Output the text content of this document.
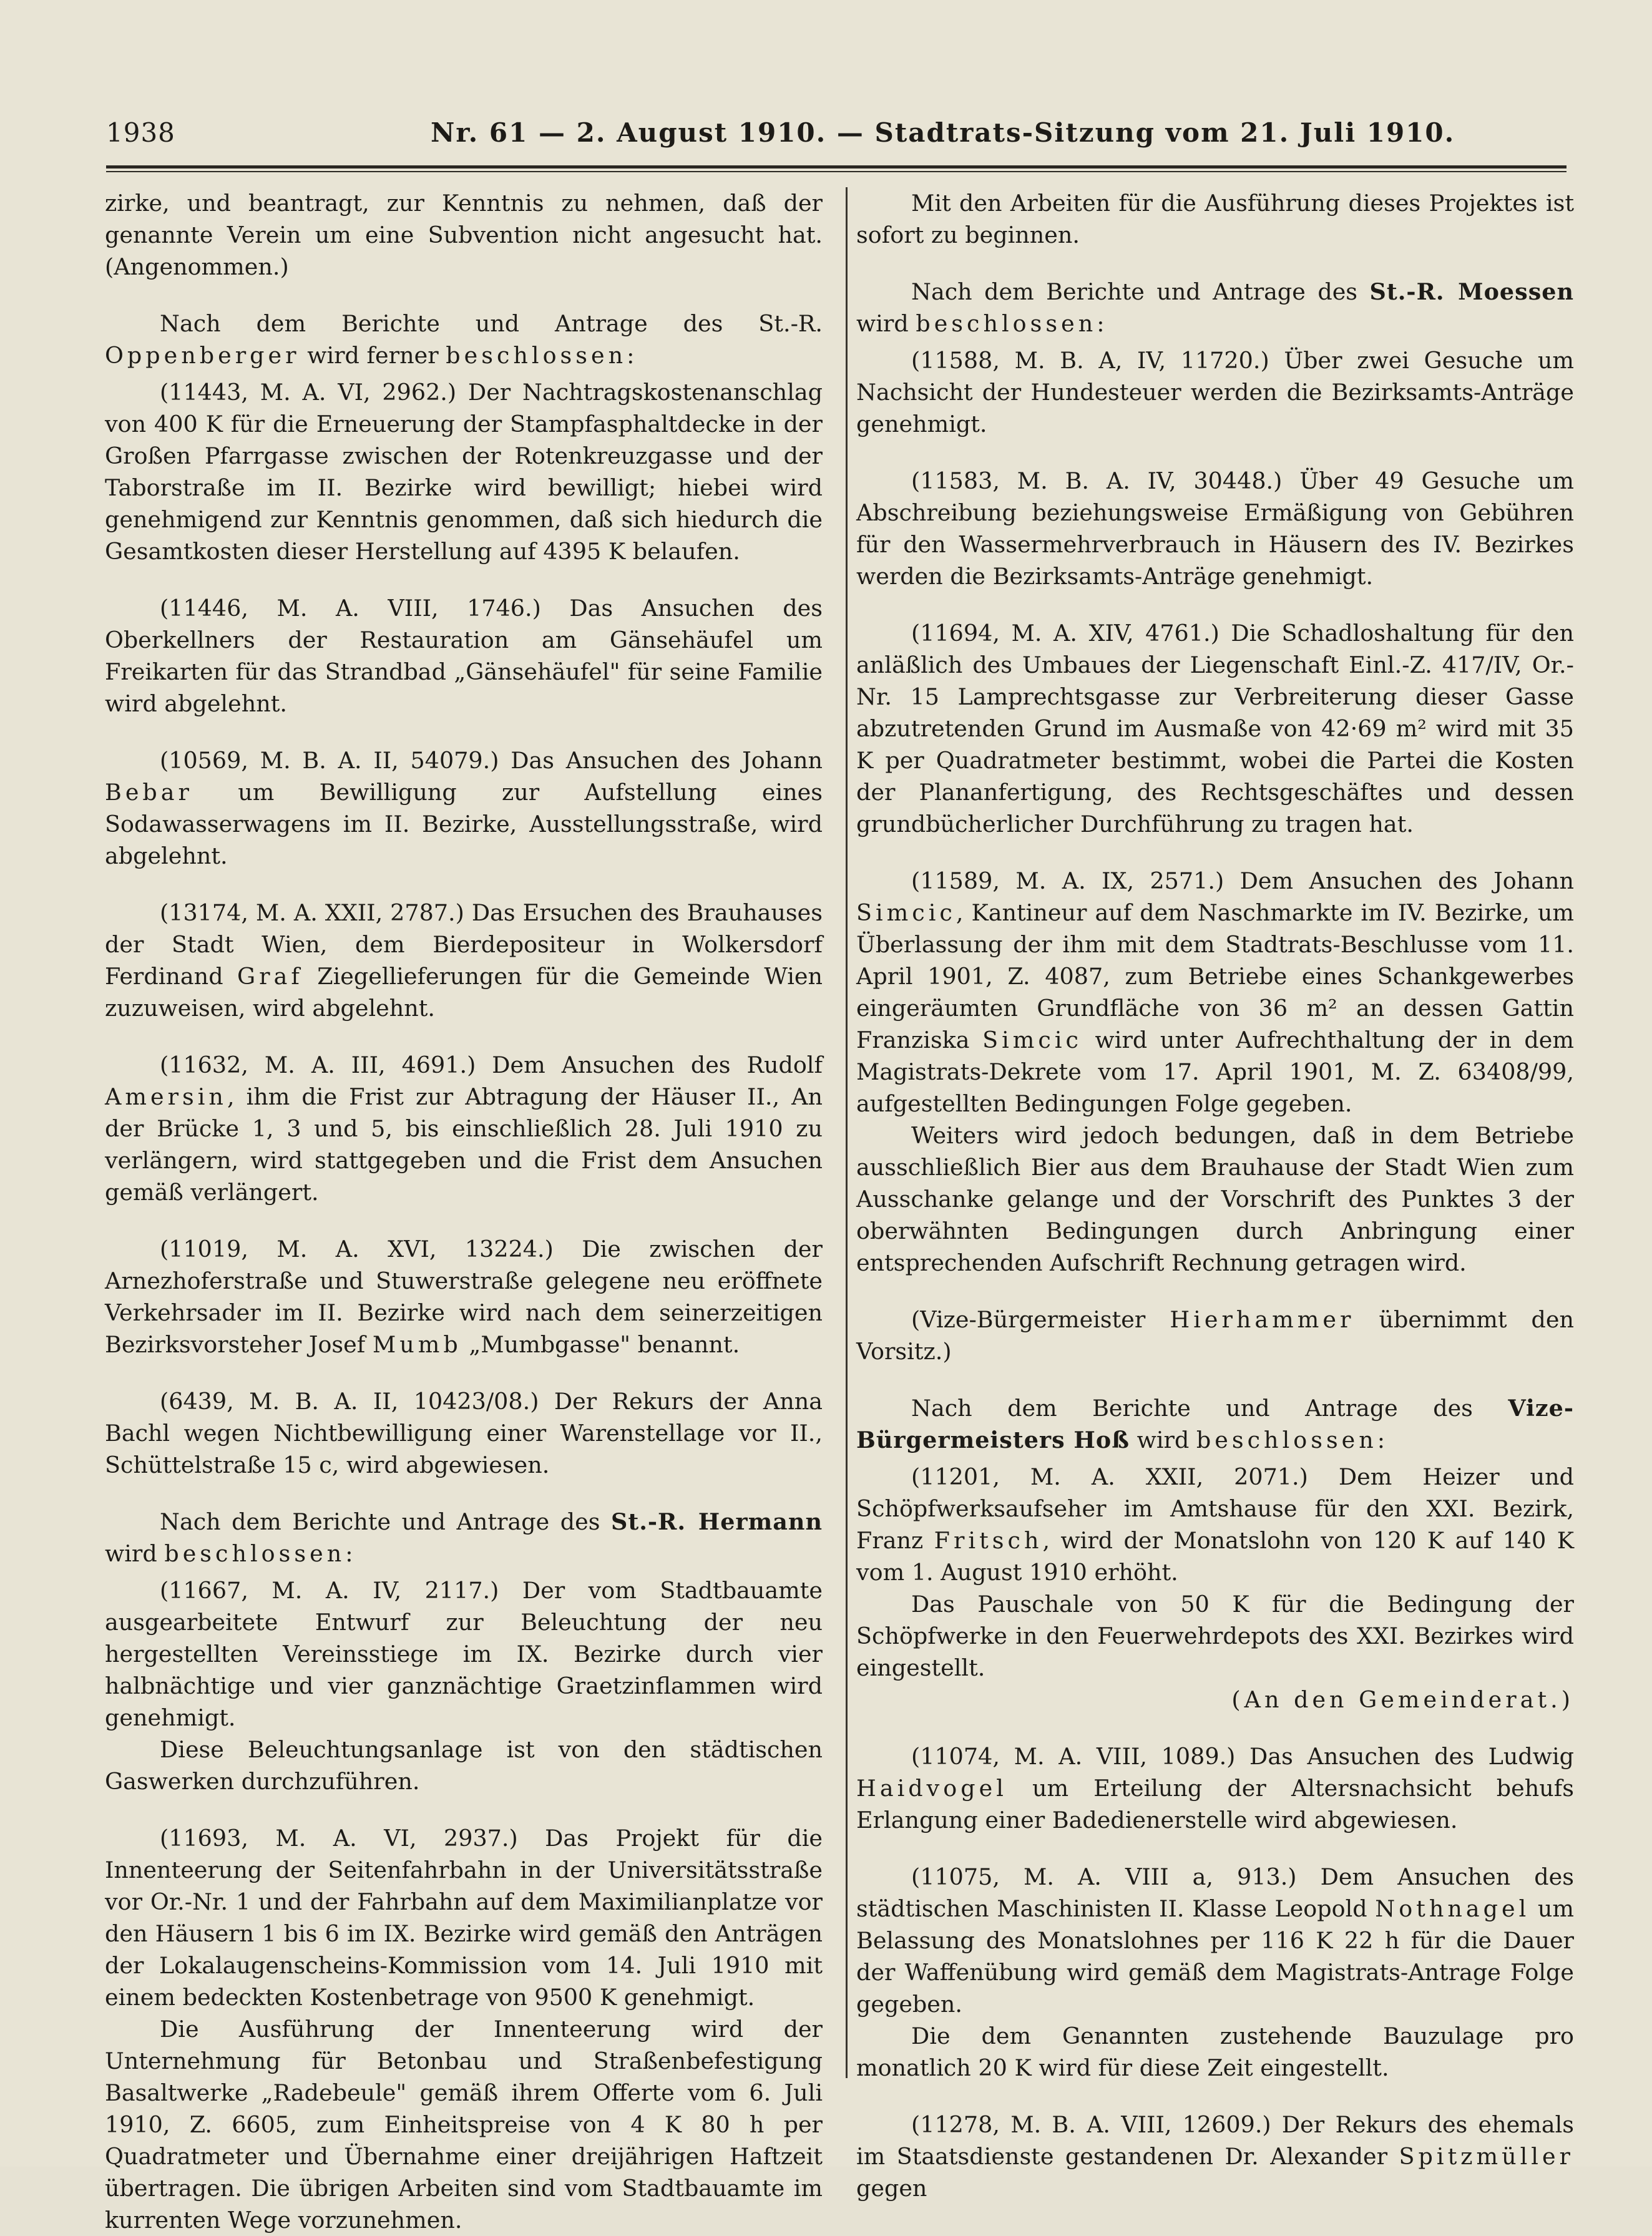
1938	Nr. 61 — 2. August 1910. — Stadtrats-Sitzung vom 21. Juli 1910.

zirke, und beantragt, zur Kenntnis zu nehmen, daß der genannte Verein um eine Subvention nicht angesucht hat. (Angenommen.)

Nach dem Berichte und Antrage des St.-R. Oppenberger wird ferner beschlossen:

(11443, M. A. VI, 2962.) Der Nachtragskostenanschlag von 400 K für die Erneuerung der Stampfasphaltdecke in der Großen Pfarrgasse zwischen der Rotenkreuzgasse und der Taborstraße im II. Bezirke wird bewilligt; hiebei wird genehmigend zur Kenntnis genommen, daß sich hiedurch die Gesamtkosten dieser Herstellung auf 4395 K belaufen.

(11446, M. A. VIII, 1746.) Das Ansuchen des Oberkellners der Restauration am Gänsehäufel um Freikarten für das Strandbad „Gänsehäufel" für seine Familie wird abgelehnt.

(10569, M. B. A. II, 54079.) Das Ansuchen des Johann Bebar um Bewilligung zur Aufstellung eines Sodawasserwagens im II. Bezirke, Ausstellungsstraße, wird abgelehnt.

(13174, M. A. XXII, 2787.) Das Ersuchen des Brauhauses der Stadt Wien, dem Bierdepositeur in Wolkersdorf Ferdinand Graf Ziegellieferungen für die Gemeinde Wien zuzuweisen, wird abgelehnt.

(11632, M. A. III, 4691.) Dem Ansuchen des Rudolf Amersin, ihm die Frist zur Abtragung der Häuser II., An der Brücke 1, 3 und 5, bis einschließlich 28. Juli 1910 zu verlängern, wird stattgegeben und die Frist dem Ansuchen gemäß verlängert.

(11019, M. A. XVI, 13224.) Die zwischen der Arnezhoferstraße und Stuwerstraße gelegene neu eröffnete Verkehrsader im II. Bezirke wird nach dem seinerzeitigen Bezirksvorsteher Josef Mumb „Mumbgasse" benannt.

(6439, M. B. A. II, 10423/08.) Der Rekurs der Anna Bachl wegen Nichtbewilligung einer Warenstellage vor II., Schüttelstraße 15 c, wird abgewiesen.

Nach dem Berichte und Antrage des St.-R. Hermann wird beschlossen:

(11667, M. A. IV, 2117.) Der vom Stadtbauamte ausgearbeitete Entwurf zur Beleuchtung der neu hergestellten Vereinsstiege im IX. Bezirke durch vier halbnächtige und vier ganznächtige Graetzinflammen wird genehmigt.

Diese Beleuchtungsanlage ist von den städtischen Gaswerken durchzuführen.

(11693, M. A. VI, 2937.) Das Projekt für die Innenteerung der Seitenfahrbahn in der Universitätsstraße vor Or.-Nr. 1 und der Fahrbahn auf dem Maximilianplatze vor den Häusern 1 bis 6 im IX. Bezirke wird gemäß den Anträgen der Lokalaugenscheins-Kommission vom 14. Juli 1910 mit einem bedeckten Kostenbetrage von 9500 K genehmigt.

Die Ausführung der Innenteerung wird der Unternehmung für Betonbau und Straßenbefestigung Basaltwerke „Radebeule" gemäß ihrem Offerte vom 6. Juli 1910, Z. 6605, zum Einheitspreise von 4 K 80 h per Quadratmeter und Übernahme einer dreijährigen Haftzeit übertragen. Die übrigen Arbeiten sind vom Stadtbauamte im kurrenten Wege vorzunehmen.

Mit den Arbeiten für die Ausführung dieses Projektes ist sofort zu beginnen.

Nach dem Berichte und Antrage des St.-R. Moessen wird beschlossen:

(11588, M. B. A, IV, 11720.) Über zwei Gesuche um Nachsicht der Hundesteuer werden die Bezirksamts-Anträge genehmigt.

(11583, M. B. A. IV, 30448.) Über 49 Gesuche um Abschreibung beziehungsweise Ermäßigung von Gebühren für den Wassermehrverbrauch in Häusern des IV. Bezirkes werden die Bezirksamts-Anträge genehmigt.

(11694, M. A. XIV, 4761.) Die Schadloshaltung für den anläßlich des Umbaues der Liegenschaft Einl.-Z. 417/IV, Or.-Nr. 15 Lamprechtsgasse zur Verbreiterung dieser Gasse abzutretenden Grund im Ausmaße von 42·69 m² wird mit 35 K per Quadratmeter bestimmt, wobei die Partei die Kosten der Plananfertigung, des Rechtsgeschäftes und dessen grundbücherlicher Durchführung zu tragen hat.

(11589, M. A. IX, 2571.) Dem Ansuchen des Johann Simcic, Kantineur auf dem Naschmarkte im IV. Bezirke, um Überlassung der ihm mit dem Stadtrats-Beschlusse vom 11. April 1901, Z. 4087, zum Betriebe eines Schankgewerbes eingeräumten Grundfläche von 36 m² an dessen Gattin Franziska Simcic wird unter Aufrechthaltung der in dem Magistrats-Dekrete vom 17. April 1901, M. Z. 63408/99, aufgestellten Bedingungen Folge gegeben.

Weiters wird jedoch bedungen, daß in dem Betriebe ausschließlich Bier aus dem Brauhause der Stadt Wien zum Ausschanke gelange und der Vorschrift des Punktes 3 der oberwähnten Bedingungen durch Anbringung einer entsprechenden Aufschrift Rechnung getragen wird.

(Vize-Bürgermeister Hierhammer übernimmt den Vorsitz.)

Nach dem Berichte und Antrage des Vize-Bürgermeisters Hoß wird beschlossen:

(11201, M. A. XXII, 2071.) Dem Heizer und Schöpfwerksaufseher im Amtshause für den XXI. Bezirk, Franz Fritsch, wird der Monatslohn von 120 K auf 140 K vom 1. August 1910 erhöht.

Das Pauschale von 50 K für die Bedingung der Schöpfwerke in den Feuerwehrdepots des XXI. Bezirkes wird eingestellt.

(An den Gemeinderat.)

(11074, M. A. VIII, 1089.) Das Ansuchen des Ludwig Haidvogel um Erteilung der Altersnachsicht behufs Erlangung einer Badedienerstelle wird abgewiesen.

(11075, M. A. VIII a, 913.) Dem Ansuchen des städtischen Maschinisten II. Klasse Leopold Nothnagel um Belassung des Monatslohnes per 116 K 22 h für die Dauer der Waffenübung wird gemäß dem Magistrats-Antrage Folge gegeben.

Die dem Genannten zustehende Bauzulage pro monatlich 20 K wird für diese Zeit eingestellt.

(11278, M. B. A. VIII, 12609.) Der Rekurs des ehemals im Staatsdienste gestandenen Dr. Alexander Spitzmüller gegen
